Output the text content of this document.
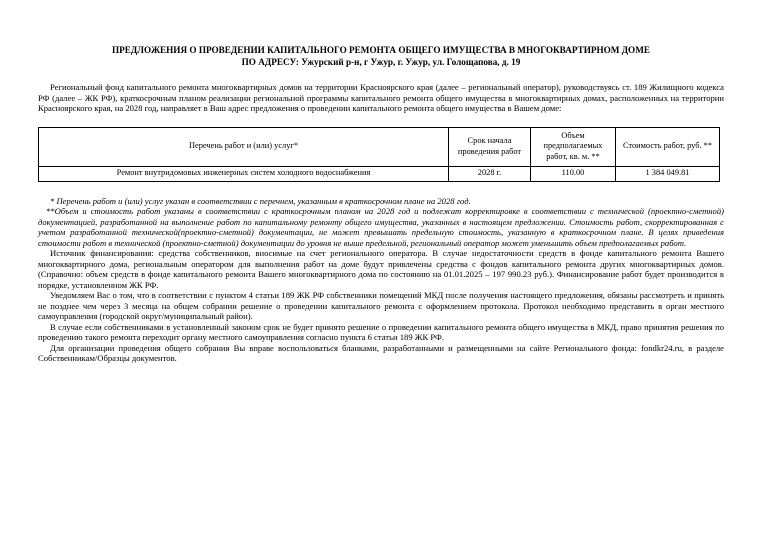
ПРЕДЛОЖЕНИЯ О ПРОВЕДЕНИИ КАПИТАЛЬНОГО РЕМОНТА ОБЩЕГО ИМУЩЕСТВА В МНОГОКВАРТИРНОМ ДОМЕ
ПО АДРЕСУ: Ужурский р-н, г Ужур, г. Ужур, ул. Голощапова, д. 19
Региональный фонд капитального ремонта многоквартирных домов на территории Красноярского края (далее – региональный оператор), руководствуясь ст. 189 Жилищного кодекса РФ (далее – ЖК РФ), краткосрочным планом реализации региональной программы капитального ремонта общего имущества в многоквартирных домах, расположенных на территории Красноярского края, на 2028 год, направляет в Ваш адрес предложения о проведении капитального ремонта общего имущества в Вашем доме:
Перечень работ и (или) услуг*	Срок начала проведения работ	Объем предполагаемых работ, кв. м. **	Стоимость работ, руб. **
Ремонт внутридомовых инженерных систем холодного водоснабжения	2028 г.	110.00	1 384 049.81

* Перечень работ и (или) услуг указан в соответствии с перечнем, указанным в краткосрочном плане на 2028 год.

**Объем и стоимость работ указаны в соответствии с краткосрочным планом на 2028 год и подлежат корректировке в соответствии с технической (проектно-сметной) документацией, разработанной на выполнение работ по капитальному ремонту общего имущества, указанных в настоящем предложении. Стоимость работ, скорректированная с учетом разработанной технической(проектно-сметной) документации, не может превышать предельную стоимость, указанную в краткосрочном плане. В целях приведения стоимости работ в технической (проектно-сметной) документации до уровня не выше предельной, региональный оператор может уменьшить объем предполагаемых работ.

Источник финансирования: средства собственников, вносимые на счет регионального оператора. В случае недостаточности средств в фонде капитального ремонта Вашего многоквартирного дома, региональным оператором для выполнения работ на доме будут привлечены средства с фондов капитального ремонта других многоквартирных домов. (Справочно: объем средств в фонде капитального ремонта Вашего многоквартирного дома по состоянию на 01.01.2025 – 197 990.23 руб.). Финансирование работ будет производится в порядке, установленном ЖК РФ.

Уведомляем Вас о том, что в соответствии с пунктом 4 статьи 189 ЖК РФ собственники помещений МКД после получения настоящего предложения, обязаны рассмотреть и принять не позднее чем через 3 месяца на общем собрании решение о проведении капитального ремонта с оформлением протокола. Протокол необходимо представить в орган местного самоуправления (городской округ/муниципальный район).

В случае если собственниками в установленный законом срок не будет принято решение о проведении капитального ремонта общего имущества в МКД, право принятия решения по проведению такого ремонта переходит органу местного самоуправления согласно пункта 6 статьи 189 ЖК РФ.

Для организации проведения общего собрания Вы вправе воспользоваться бланками, разработанными и размещенными на сайте Регионального фонда: fondkr24.ru, в разделе Собственникам/Образцы документов.
